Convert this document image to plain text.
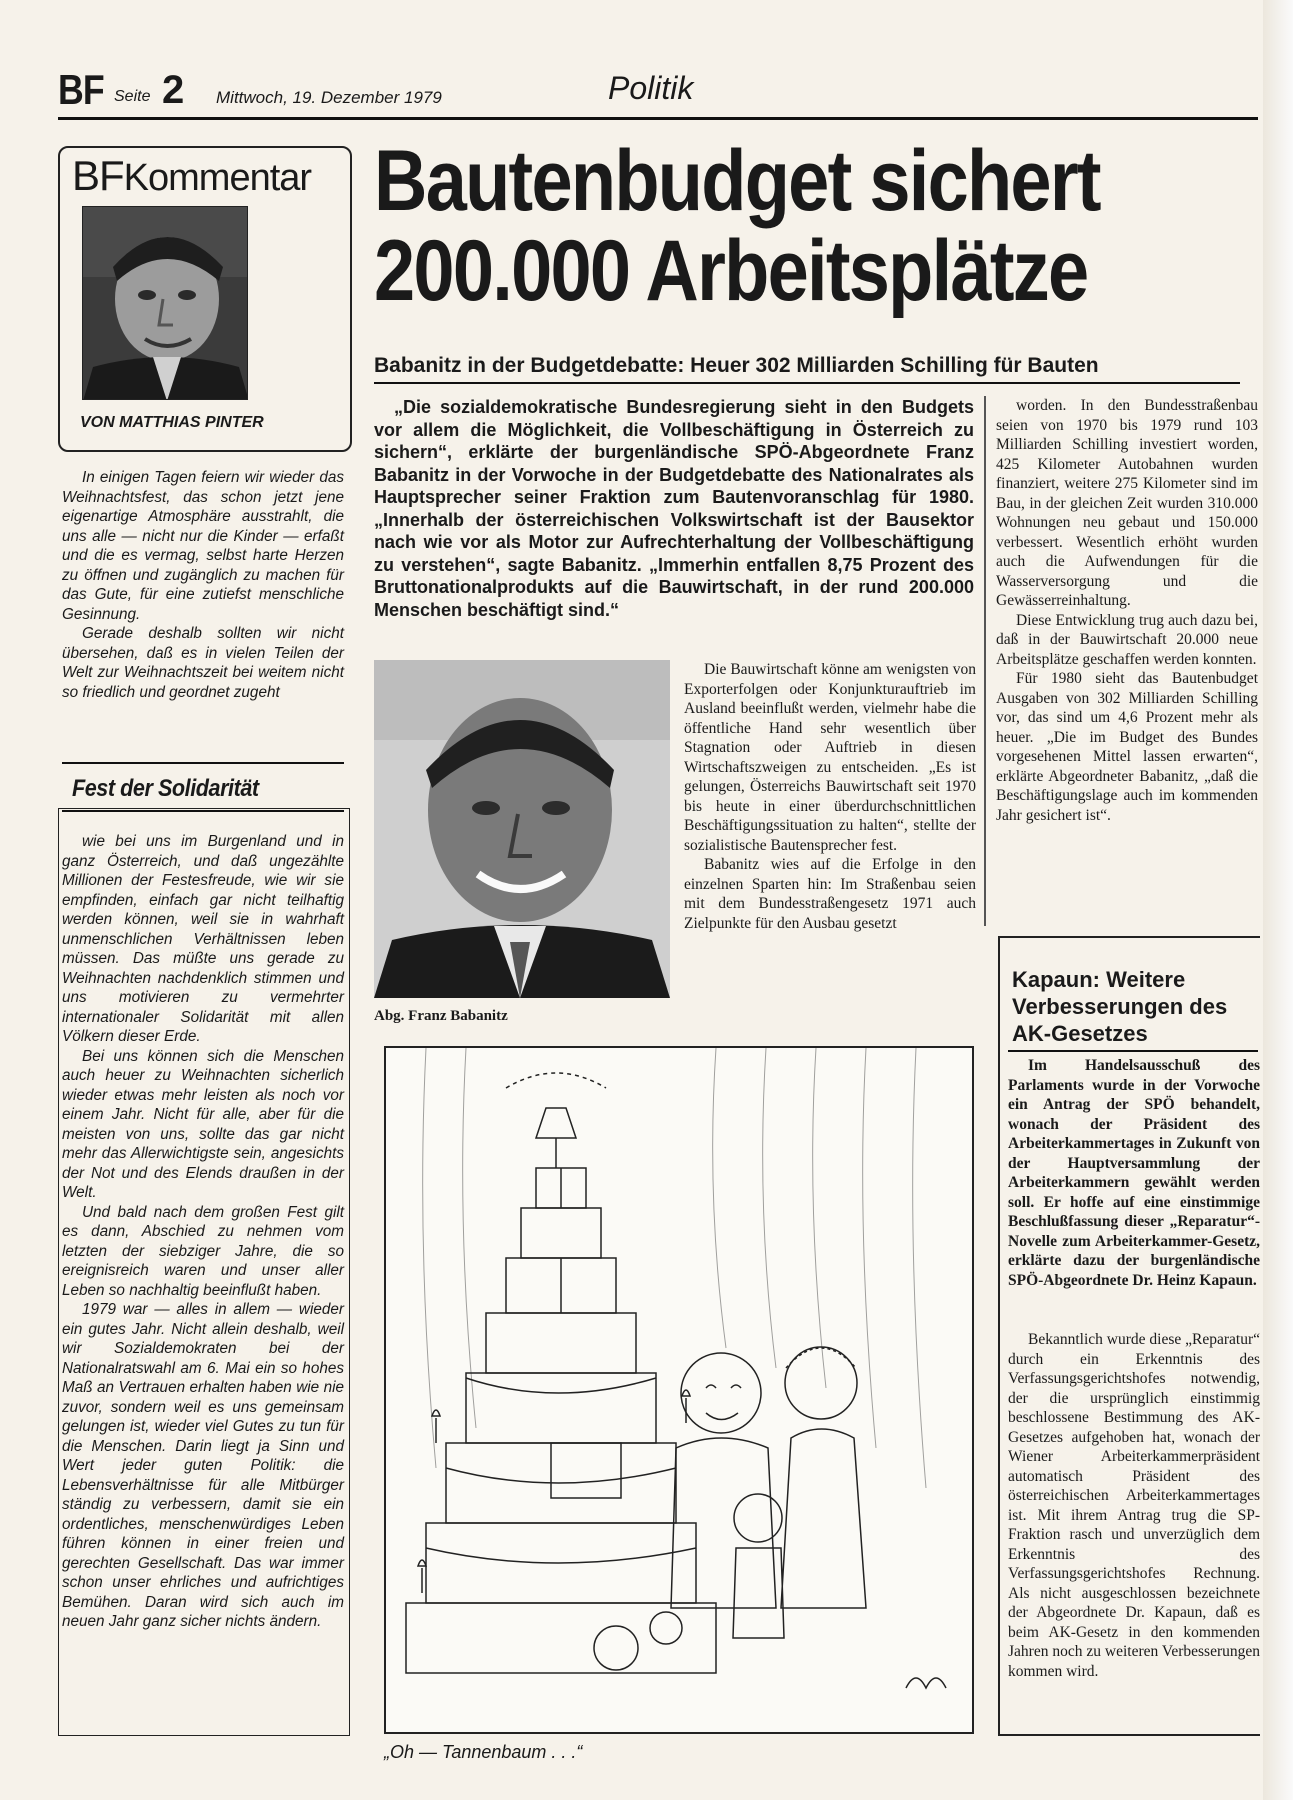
BF Seite 2 Mittwoch, 19. Dezember 1979	Politik
BFKommentar
VON MATTHIAS PINTER

In einigen Tagen feiern wir wieder das Weihnachtsfest, das schon jetzt jene eigenartige Atmosphäre ausstrahlt, die uns alle — nicht nur die Kinder — erfaßt und die es vermag, selbst harte Herzen zu öffnen und zugänglich zu machen für das Gute, für eine zutiefst menschliche Gesinnung.

Gerade deshalb sollten wir nicht übersehen, daß es in vielen Teilen der Welt zur Weihnachtszeit bei weitem nicht so friedlich und geordnet zugeht

Fest der Solidarität

wie bei uns im Burgenland und in ganz Österreich, und daß ungezählte Millionen der Festesfreude, wie wir sie empfinden, einfach gar nicht teilhaftig werden können, weil sie in wahrhaft unmenschlichen Verhältnissen leben müssen. Das müßte uns gerade zu Weihnachten nachdenklich stimmen und uns motivieren zu vermehrter internationaler Solidarität mit allen Völkern dieser Erde.

Bei uns können sich die Menschen auch heuer zu Weihnachten sicherlich wieder etwas mehr leisten als noch vor einem Jahr. Nicht für alle, aber für die meisten von uns, sollte das gar nicht mehr das Allerwichtigste sein, angesichts der Not und des Elends draußen in der Welt.

Und bald nach dem großen Fest gilt es dann, Abschied zu nehmen vom letzten der siebziger Jahre, die so ereignisreich waren und unser aller Leben so nachhaltig beeinflußt haben.

1979 war — alles in allem — wieder ein gutes Jahr. Nicht allein deshalb, weil wir Sozialdemokraten bei der Nationalratswahl am 6. Mai ein so hohes Maß an Vertrauen erhalten haben wie nie zuvor, sondern weil es uns gemeinsam gelungen ist, wieder viel Gutes zu tun für die Menschen. Darin liegt ja Sinn und Wert jeder guten Politik: die Lebensverhältnisse für alle Mitbürger ständig zu verbessern, damit sie ein ordentliches, menschenwürdiges Leben führen können in einer freien und gerechten Gesellschaft. Das war immer schon unser ehrliches und aufrichtiges Bemühen. Daran wird sich auch im neuen Jahr ganz sicher nichts ändern.

Bautenbudget sichert
200.000 Arbeitsplätze
Babanitz in der Budgetdebatte: Heuer 302 Milliarden Schilling für Bauten

„Die sozialdemokratische Bundesregierung sieht in den Budgets vor allem die Möglichkeit, die Vollbeschäftigung in Österreich zu sichern“, erklärte der burgenländische SPÖ-Abgeordnete Franz Babanitz in der Vorwoche in der Budgetdebatte des Nationalrates als Hauptsprecher seiner Fraktion zum Bautenvoranschlag für 1980. „Innerhalb der österreichischen Volkswirtschaft ist der Bausektor nach wie vor als Motor zur Aufrechterhaltung der Vollbeschäftigung zu verstehen“, sagte Babanitz. „Immerhin entfallen 8,75 Prozent des Bruttonationalprodukts auf die Bauwirtschaft, in der rund 200.000 Menschen beschäftigt sind.“

Abg. Franz Babanitz

Die Bauwirtschaft könne am wenigsten von Exporterfolgen oder Konjunkturauftrieb im Ausland beeinflußt werden, vielmehr habe die öffentliche Hand sehr wesentlich über Stagnation oder Auftrieb in diesen Wirtschaftszweigen zu entscheiden. „Es ist gelungen, Österreichs Bauwirtschaft seit 1970 bis heute in einer überdurchschnittlichen Beschäftigungssituation zu halten“, stellte der sozialistische Bautensprecher fest.

Babanitz wies auf die Erfolge in den einzelnen Sparten hin: Im Straßenbau seien mit dem Bundesstraßengesetz 1971 auch Zielpunkte für den Ausbau gesetzt

worden. In den Bundesstraßenbau seien von 1970 bis 1979 rund 103 Milliarden Schilling investiert worden, 425 Kilometer Autobahnen wurden finanziert, weitere 275 Kilometer sind im Bau, in der gleichen Zeit wurden 310.000 Wohnungen neu gebaut und 150.000 verbessert. Wesentlich erhöht wurden auch die Aufwendungen für die Wasserversorgung und die Gewässerreinhaltung.

Diese Entwicklung trug auch dazu bei, daß in der Bauwirtschaft 20.000 neue Arbeitsplätze geschaffen werden konnten.

Für 1980 sieht das Bautenbudget Ausgaben von 302 Milliarden Schilling vor, das sind um 4,6 Prozent mehr als heuer. „Die im Budget des Bundes vorgesehenen Mittel lassen erwarten“, erklärte Abgeordneter Babanitz, „daß die Beschäftigungslage auch im kommenden Jahr gesichert ist“.

Kapaun: Weitere Verbesserungen des AK-Gesetzes

Im Handelsausschuß des Parlaments wurde in der Vorwoche ein Antrag der SPÖ behandelt, wonach der Präsident des Arbeiterkammertages in Zukunft von der Hauptversammlung der Arbeiterkammern gewählt werden soll. Er hoffe auf eine einstimmige Beschlußfassung dieser „Reparatur“-Novelle zum Arbeiterkammer-Gesetz, erklärte dazu der burgenländische SPÖ-Abgeordnete Dr. Heinz Kapaun.

Bekanntlich wurde diese „Reparatur“ durch ein Erkenntnis des Verfassungsgerichtshofes notwendig, der die ursprünglich einstimmig beschlossene Bestimmung des AK-Gesetzes aufgehoben hat, wonach der Wiener Arbeiterkammerpräsident automatisch Präsident des österreichischen Arbeiterkammertages ist. Mit ihrem Antrag trug die SP-Fraktion rasch und unverzüglich dem Erkenntnis des Verfassungsgerichtshofes Rechnung. Als nicht ausgeschlossen bezeichnete der Abgeordnete Dr. Kapaun, daß es beim AK-Gesetz in den kommenden Jahren noch zu weiteren Verbesserungen kommen wird.

„Oh — Tannenbaum . . .“
